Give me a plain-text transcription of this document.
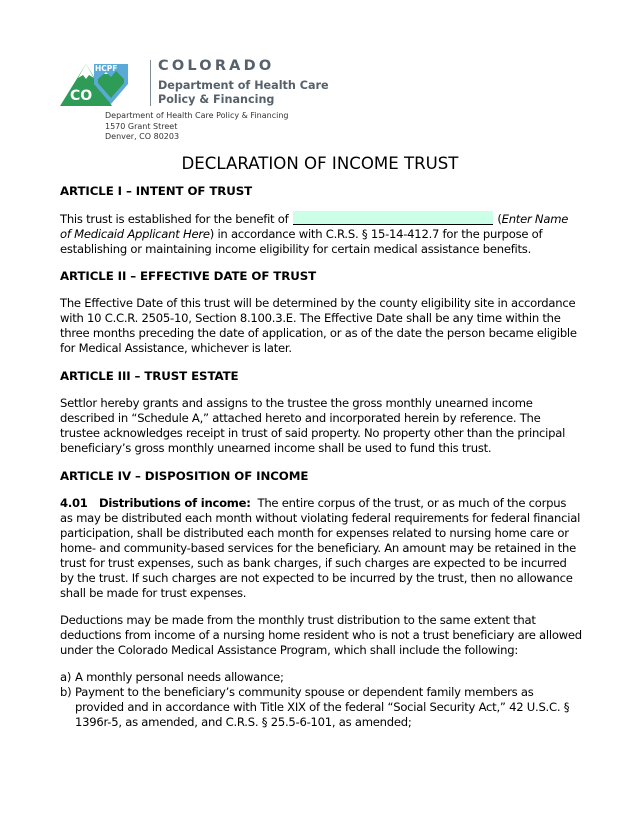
HCPF
CO
COLORADO
Department of Health Care
Policy & Financing
Department of Health Care Policy & Financing
1570 Grant Street
Denver, CO 80203
DECLARATION OF INCOME TRUST

ARTICLE I – INTENT OF TRUST

This trust is established for the benefit of	(Enter Name of Medicaid Applicant Here) in accordance with C.R.S. § 15-14-412.7 for the purpose of establishing or maintaining income eligibility for certain medical assistance benefits.

ARTICLE II – EFFECTIVE DATE OF TRUST

The Effective Date of this trust will be determined by the county eligibility site in accordance with 10 C.C.R. 2505-10, Section 8.100.3.E. The Effective Date shall be any time within the three months preceding the date of application, or as of the date the person became eligible for Medical Assistance, whichever is later.

ARTICLE III – TRUST ESTATE

Settlor hereby grants and assigns to the trustee the gross monthly unearned income described in “Schedule A,” attached hereto and incorporated herein by reference. The trustee acknowledges receipt in trust of said property. No property other than the principal beneficiary’s gross monthly unearned income shall be used to fund this trust.

ARTICLE IV – DISPOSITION OF INCOME

4.01   Distributions of income:  The entire corpus of the trust, or as much of the corpus as may be distributed each month without violating federal requirements for federal financial participation, shall be distributed each month for expenses related to nursing home care or home- and community-based services for the beneficiary. An amount may be retained in the trust for trust expenses, such as bank charges, if such charges are expected to be incurred by the trust. If such charges are not expected to be incurred by the trust, then no allowance shall be made for trust expenses.

Deductions may be made from the monthly trust distribution to the same extent that deductions from income of a nursing home resident who is not a trust beneficiary are allowed under the Colorado Medical Assistance Program, which shall include the following:

a) A monthly personal needs allowance;

b) Payment to the beneficiary’s community spouse or dependent family members as provided and in accordance with Title XIX of the federal “Social Security Act,” 42 U.S.C. § 1396r-5, as amended, and C.R.S. § 25.5-6-101, as amended;
